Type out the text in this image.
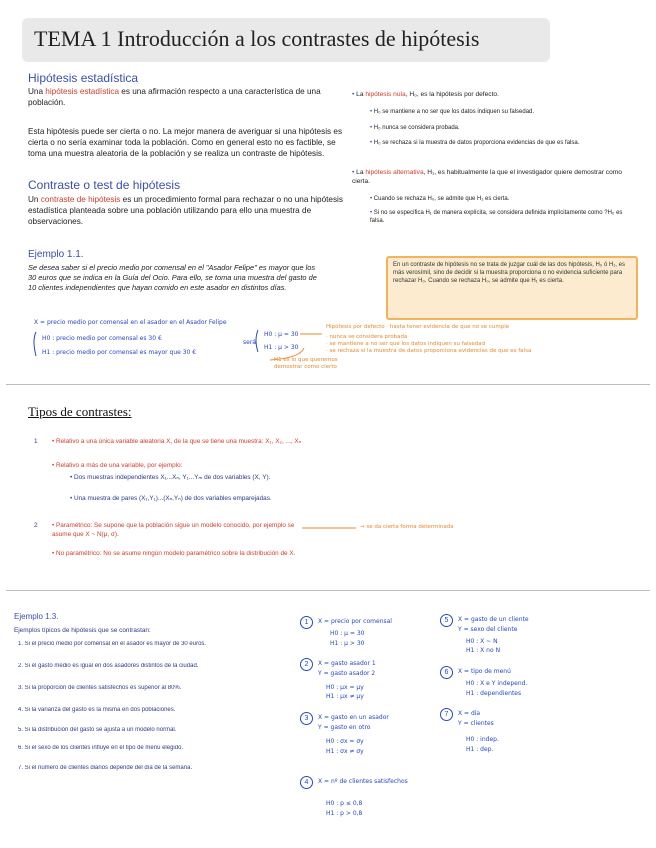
TEMA 1 Introducción a los contrastes de hipótesis
Hipótesis estadística
Una hipótesis estadística es una afirmación respecto a una característica de una población.
Esta hipótesis puede ser cierta o no. La mejor manera de averiguar si una hipótesis es cierta o no sería examinar toda la población. Como en general esto no es factible, se toma una muestra aleatoria de la población y se realiza un contraste de hipótesis.
Contraste o test de hipótesis
Un contraste de hipótesis es un procedimiento formal para rechazar o no una hipótesis estadística planteada sobre una población utilizando para ello una muestra de observaciones.
• La hipótesis nula, H₀, es la hipótesis por defecto.
• H₀ se mantiene a no ser que los datos indiquen su falsedad.
• H₀ nunca se considera probada.
• H₀ se rechaza si la muestra de datos proporciona evidencias de que es falsa.
• La hipótesis alternativa, H₁, es habitualmente la que el investigador quiere demostrar como cierta.
• Cuando se rechaza H₀, se admite que H₁ es cierta.
• Si no se especifica H₁ de manera explícita, se considera definida implícitamente como ?H₀ es falsa.
Ejemplo 1.1.
Se desea saber si el precio medio por comensal en el "Asador Felipe" es mayor que los 30 euros que se indica en la Guía del Ocio. Para ello, se toma una muestra del gasto de 10 clientes independientes que hayan comido en este asador en distintos días.
En un contraste de hipótesis no se trata de juzgar cuál de las dos hipótesis, H₀ ó H₁, es más verosímil, sino de decidir si la muestra proporciona o no evidencia suficiente para rechazar H₀. Cuando se rechaza H₀, se admite que H₁ es cierta.
X = precio medio por comensal en el asador en el Asador Felipe
H0 : precio medio por comensal es 30 €
H1 : precio medio por comensal es mayor que 30 €
será
H0 : μ = 30
H1 : μ > 30
Hipótesis por defecto · hasta tener evidencia de que no se cumple
· nunca se considera probada
· se mantiene a no ser que los datos indiquen su falsedad
· se rechaza si la muestra de datos proporciona evidencias de que es falsa
H1 es lo que queremos demostrar como cierto
Tipos de contrastes:
1 • Relativo a una única variable aleatoria X, de la que se tiene una muestra: X₁, X₂, ..., Xₙ
• Relativo a más de una variable, por ejemplo:
• Dos muestras independientes X₁...Xₙ, Y₁...Yₘ de dos variables (X, Y).
• Una muestra de pares (X₁,Y₁)...(Xₙ,Yₙ) de dos variables emparejadas.
2 • Paramétrico: Se supone que la población sigue un modelo conocido, por ejemplo se asume que X ~ N(μ, σ).
• No paramétrico: No se asume ningún modelo paramétrico sobre la distribución de X.
→ se da cierta forma determinada
Ejemplo 1.3.
Ejemplos típicos de hipótesis que se contrastan:
1. Si el precio medio por comensal en el asador es mayor de 30 euros.
2. Si el gasto medio es igual en dos asadores distintos de la ciudad.
3. Si la proporción de clientes satisfechos es superior al 80%.
4. Si la varianza del gasto es la misma en dos poblaciones.
5. Si la distribución del gasto se ajusta a un modelo normal.
6. Si el sexo de los clientes influye en el tipo de menú elegido.
7. Si el número de clientes diarios depende del día de la semana.
1	X = precio por comensal
H0 : μ = 30
H1 : μ > 30
2	X = gasto asador 1
Y = gasto asador 2
H0 : μx = μy
H1 : μx ≠ μy
3	X = gasto en un asador
Y = gasto en otro
H0 : σx = σy
H1 : σx ≠ σy
4	X = nº de clientes satisfechos
H0 : p ≤ 0,8
H1 : p > 0,8
5	X = gasto de un cliente
Y = sexo del cliente
H0 : X ~ N
H1 : X no N
6	X = tipo de menú
H0 : X e Y independ.
H1 : dependientes
7	X = día
Y = clientes
H0 : indep.
H1 : dep.
